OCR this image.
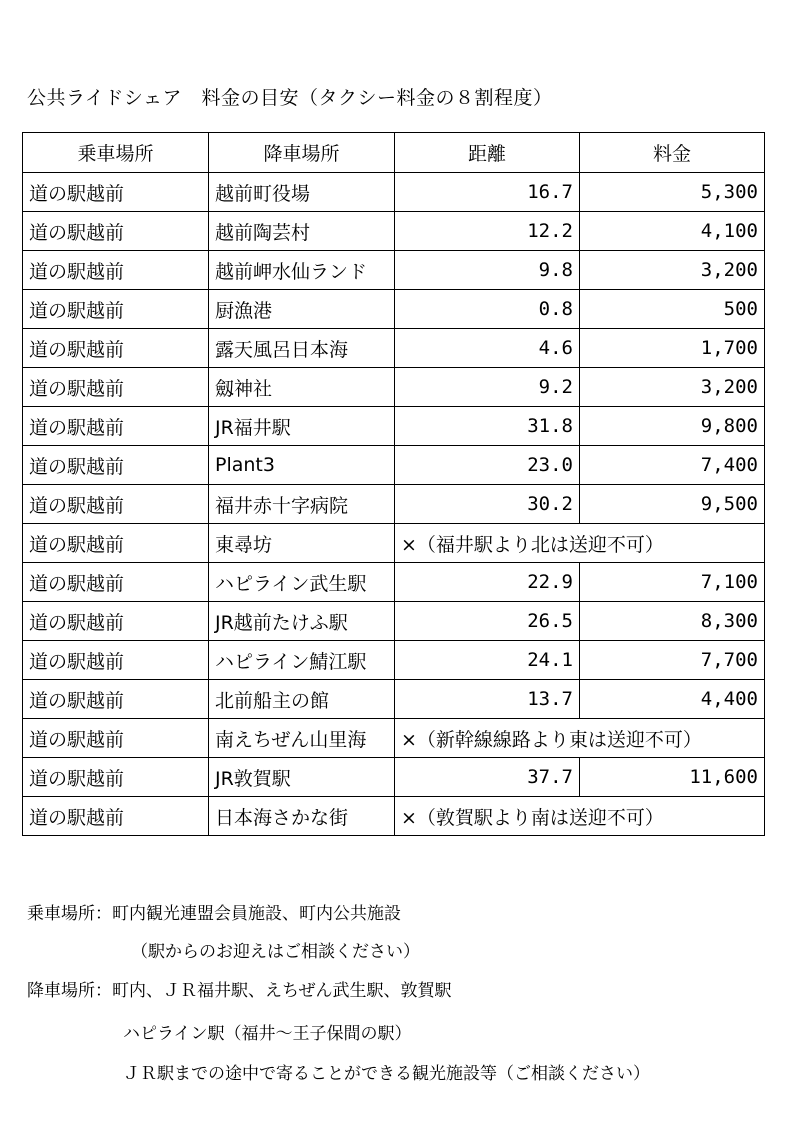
公共ライドシェア　料金の目安（タクシー料金の８割程度）
乗車場所	降車場所	距離	料金
道の駅越前	越前町役場	16.7	5,300
道の駅越前	越前陶芸村	12.2	4,100
道の駅越前	越前岬水仙ランド	9.8	3,200
道の駅越前	厨漁港	0.8	500
道の駅越前	露天風呂日本海	4.6	1,700
道の駅越前	劔神社	9.2	3,200
道の駅越前	JR福井駅	31.8	9,800
道の駅越前	Plant3	23.0	7,400
道の駅越前	福井赤十字病院	30.2	9,500
道の駅越前	東尋坊	×（福井駅より北は送迎不可）	
道の駅越前	ハピライン武生駅	22.9	7,100
道の駅越前	JR越前たけふ駅	26.5	8,300
道の駅越前	ハピライン鯖江駅	24.1	7,700
道の駅越前	北前船主の館	13.7	4,400
道の駅越前	南えちぜん山里海	×（新幹線線路より東は送迎不可）	
道の駅越前	JR敦賀駅	37.7	11,600
道の駅越前	日本海さかな街	×（敦賀駅より南は送迎不可）	
乗車場所：町内観光連盟会員施設、町内公共施設
（駅からのお迎えはご相談ください）
降車場所：町内、ＪＲ福井駅、えちぜん武生駅、敦賀駅
ハピライン駅（福井～王子保間の駅）
ＪＲ駅までの途中で寄ることができる観光施設等（ご相談ください）
